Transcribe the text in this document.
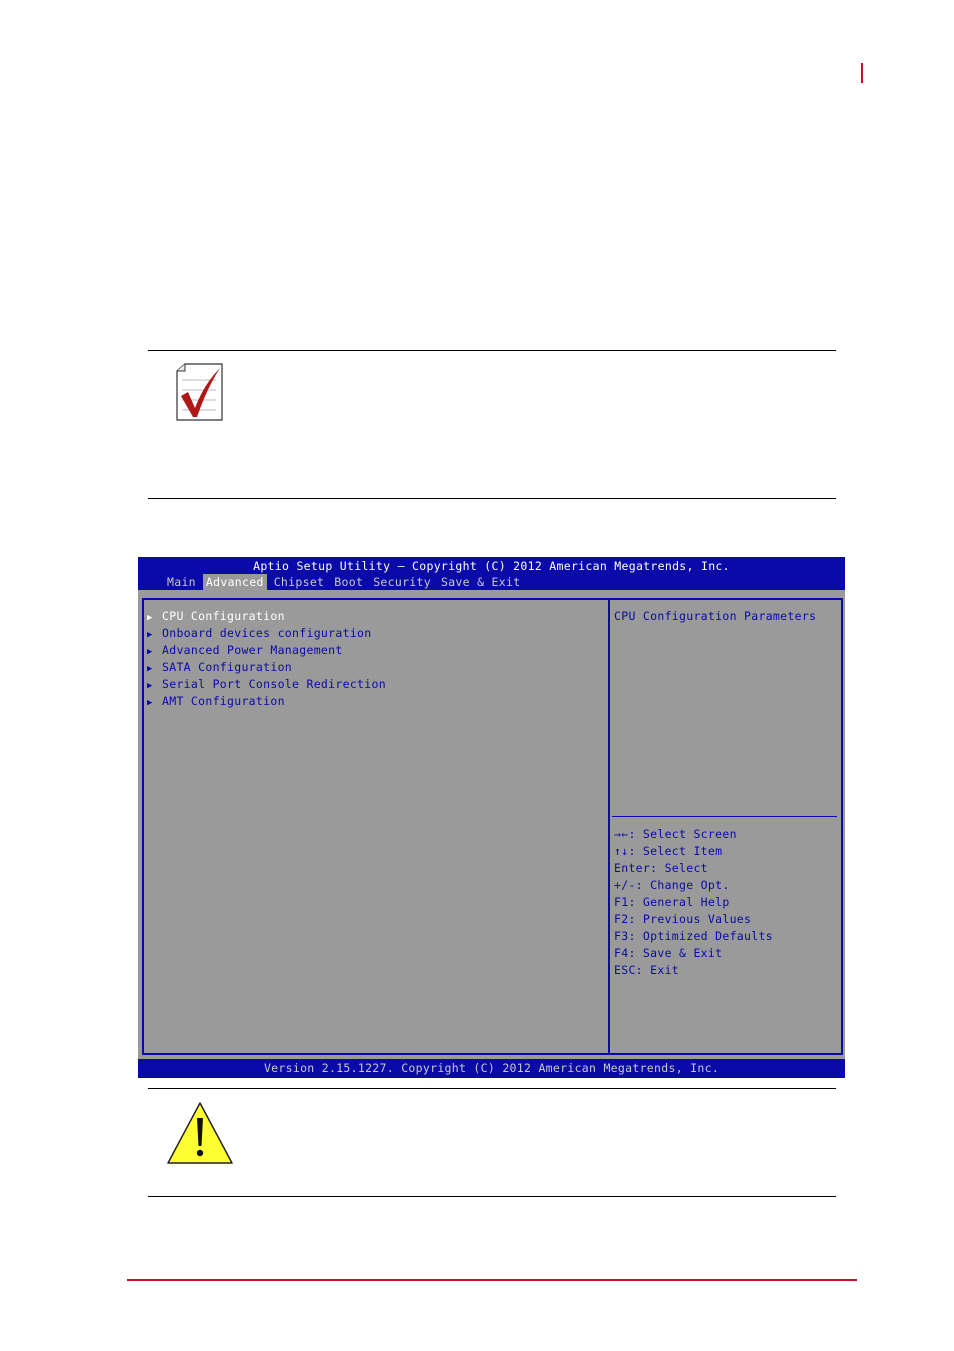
Aptio Setup Utility – Copyright (C) 2012 American Megatrends, Inc.
Main Advanced Chipset Boot Security Save & Exit
▶ CPU Configuration
▶ Onboard devices configuration
▶ Advanced Power Management
▶ SATA Configuration
▶ Serial Port Console Redirection
▶ AMT Configuration
CPU Configuration Parameters
→←: Select Screen
↑↓: Select Item
Enter: Select
+/-: Change Opt.
F1: General Help
F2: Previous Values
F3: Optimized Defaults
F4: Save & Exit
ESC: Exit
Version 2.15.1227. Copyright (C) 2012 American Megatrends, Inc.
